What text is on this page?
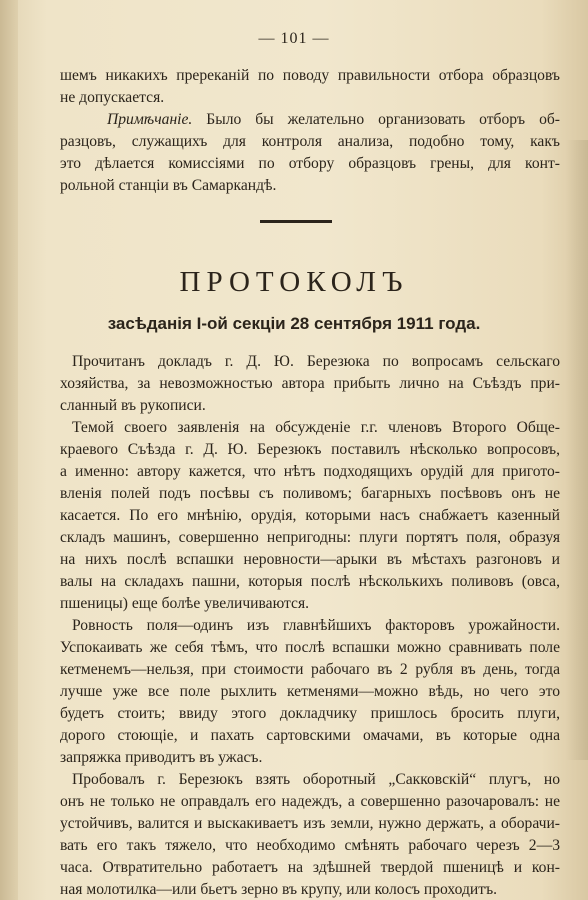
— 101 —
шемъ никакихъ пререканій по поводу правильности отбора образцовъ
не допускается.
Примѣчаніе. Было бы желательно организовать отборъ об-
разцовъ, служащихъ для контроля анализа, подобно тому, какъ
это дѣлается комиссіями по отбору образцовъ грены, для конт-
рольной станціи въ Самаркандѣ.
ПРОТОКОЛЪ
засѣданія І-ой секціи 28 сентября 1911 года.
Прочитанъ докладъ г. Д. Ю. Березюка по вопросамъ сельскаго
хозяйства, за невозможностью автора прибыть лично на Съѣздъ при-
сланный въ рукописи.
Темой своего заявленія на обсужденіе г.г. членовъ Второго Обще-
краевого Съѣзда г. Д. Ю. Березюкъ поставилъ нѣсколько вопросовъ,
а именно: автору кажется, что нѣтъ подходящихъ орудій для пригото-
вленія полей подъ посѣвы съ поливомъ; багарныхъ посѣвовъ онъ не
касается. По его мнѣнію, орудія, которыми насъ снабжаетъ казенный
складъ машинъ, совершенно непригодны: плуги портятъ поля, образуя
на нихъ послѣ вспашки неровности—арыки въ мѣстахъ разгоновъ и
валы на складахъ пашни, которыя послѣ нѣсколькихъ поливовъ (овса,
пшеницы) еще болѣе увеличиваются.
Ровность поля—одинъ изъ главнѣйшихъ факторовъ урожайности.
Успокаивать же себя тѣмъ, что послѣ вспашки можно сравнивать поле
кетменемъ—нельзя, при стоимости рабочаго въ 2 рубля въ день, тогда
лучше уже все поле рыхлить кетменями—можно вѣдь, но чего это
будетъ стоить; ввиду этого докладчику пришлось бросить плуги,
дорого стоющіе, и пахать сартовскими омачами, въ которые одна
запряжка приводитъ въ ужасъ.
Пробовалъ г. Березюкъ взять оборотный „Сакковскій“ плугъ, но
онъ не только не оправдалъ его надеждъ, а совершенно разочаровалъ: не
устойчивъ, валится и выскакиваетъ изъ земли, нужно держать, а оборачи-
вать его такъ тяжело, что необходимо смѣнять рабочаго черезъ 2—3
часа. Отвратительно работаетъ на здѣшней твердой пшеницѣ и кон-
ная молотилка—или бьетъ зерно въ крупу, или колосъ проходитъ.
